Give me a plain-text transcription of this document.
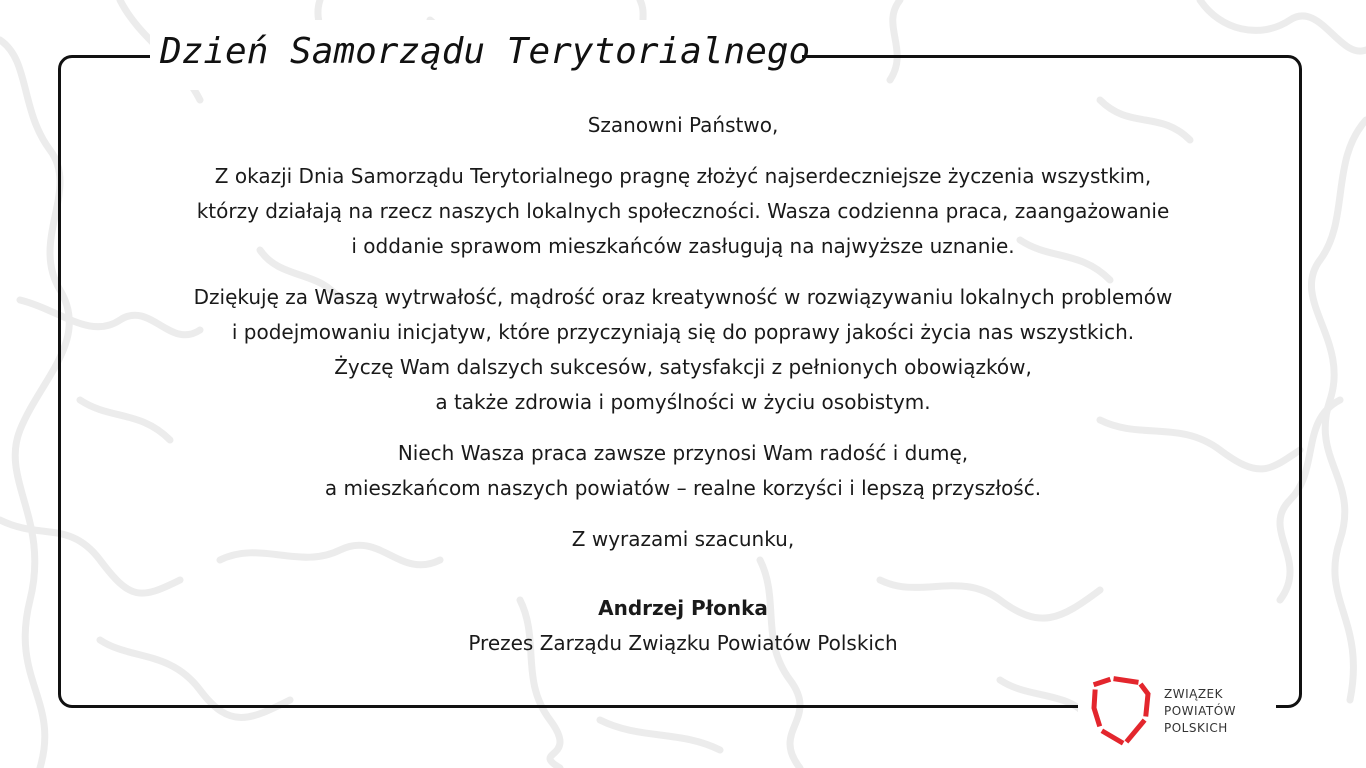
Dzień Samorządu Terytorialnego

Szanowni Państwo,

Z okazji Dnia Samorządu Terytorialnego pragnę złożyć najserdeczniejsze życzenia wszystkim,
którzy działają na rzecz naszych lokalnych społeczności. Wasza codzienna praca, zaangażowanie
i oddanie sprawom mieszkańców zasługują na najwyższe uznanie.

Dziękuję za Waszą wytrwałość, mądrość oraz kreatywność w rozwiązywaniu lokalnych problemów
i podejmowaniu inicjatyw, które przyczyniają się do poprawy jakości życia nas wszystkich.
Życzę Wam dalszych sukcesów, satysfakcji z pełnionych obowiązków,
a także zdrowia i pomyślności w życiu osobistym.

Niech Wasza praca zawsze przynosi Wam radość i dumę,
a mieszkańcom naszych powiatów – realne korzyści i lepszą przyszłość.

Z wyrazami szacunku,

Andrzej Płonka

Prezes Zarządu Związku Powiatów Polskich

ZWIĄZEK
POWIATÓW
POLSKICH
